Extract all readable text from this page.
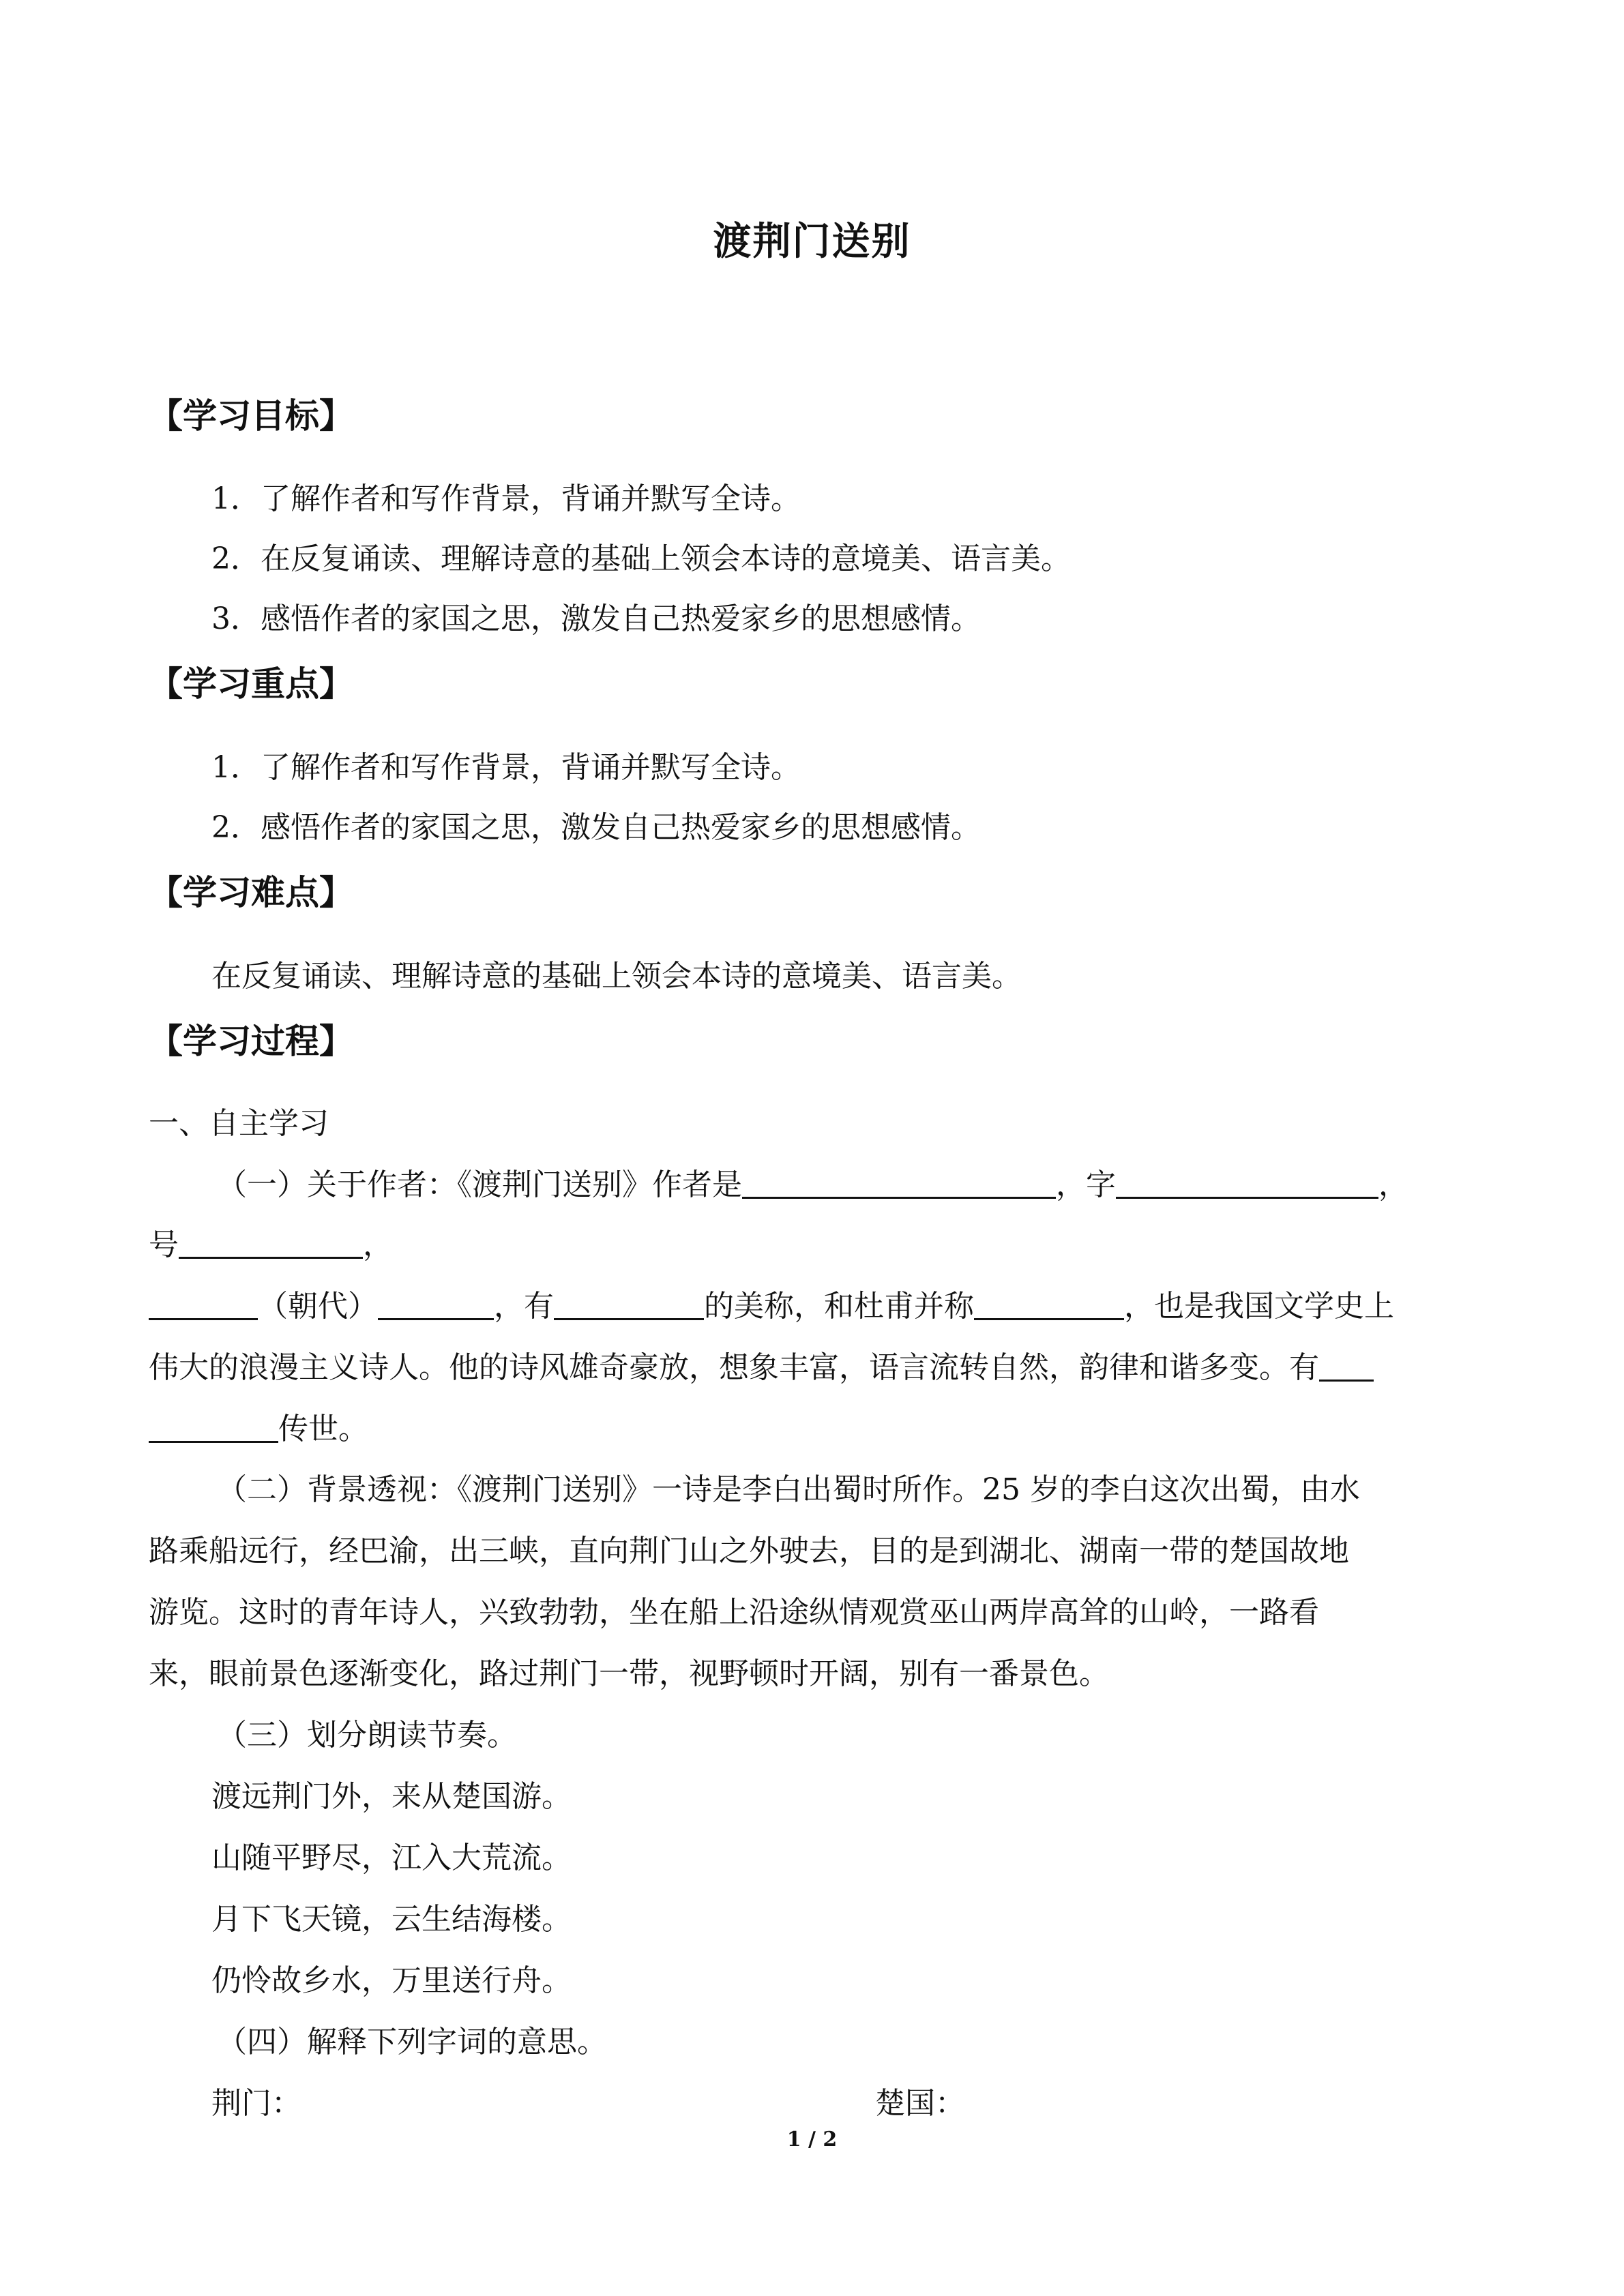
渡荆门送别
【学习目标】
1．了解作者和写作背景，背诵并默写全诗。
2．在反复诵读、理解诗意的基础上领会本诗的意境美、语言美。
3．感悟作者的家国之思，激发自己热爱家乡的思想感情。
【学习重点】
1．了解作者和写作背景，背诵并默写全诗。
2．感悟作者的家国之思，激发自己热爱家乡的思想感情。
【学习难点】
在反复诵读、理解诗意的基础上领会本诗的意境美、语言美。
【学习过程】
一、自主学习
（一）关于作者：《渡荆门送别》作者是	，字	，
号	，
（朝代）	，有	的美称，和杜甫并称	，也是我国文学史上
伟大的浪漫主义诗人。他的诗风雄奇豪放，想象丰富，语言流转自然，韵律和谐多变。有
传世。
（二）背景透视：《渡荆门送别》一诗是李白出蜀时所作。25 岁的李白这次出蜀，由水
路乘船远行，经巴渝，出三峡，直向荆门山之外驶去，目的是到湖北、湖南一带的楚国故地
游览。这时的青年诗人，兴致勃勃，坐在船上沿途纵情观赏巫山两岸高耸的山岭，一路看
来，眼前景色逐渐变化，路过荆门一带，视野顿时开阔，别有一番景色。
（三）划分朗读节奏。
渡远荆门外，来从楚国游。
山随平野尽，江入大荒流。
月下飞天镜，云生结海楼。
仍怜故乡水，万里送行舟。
（四）解释下列字词的意思。
荆门：	楚国：
1 / 2
